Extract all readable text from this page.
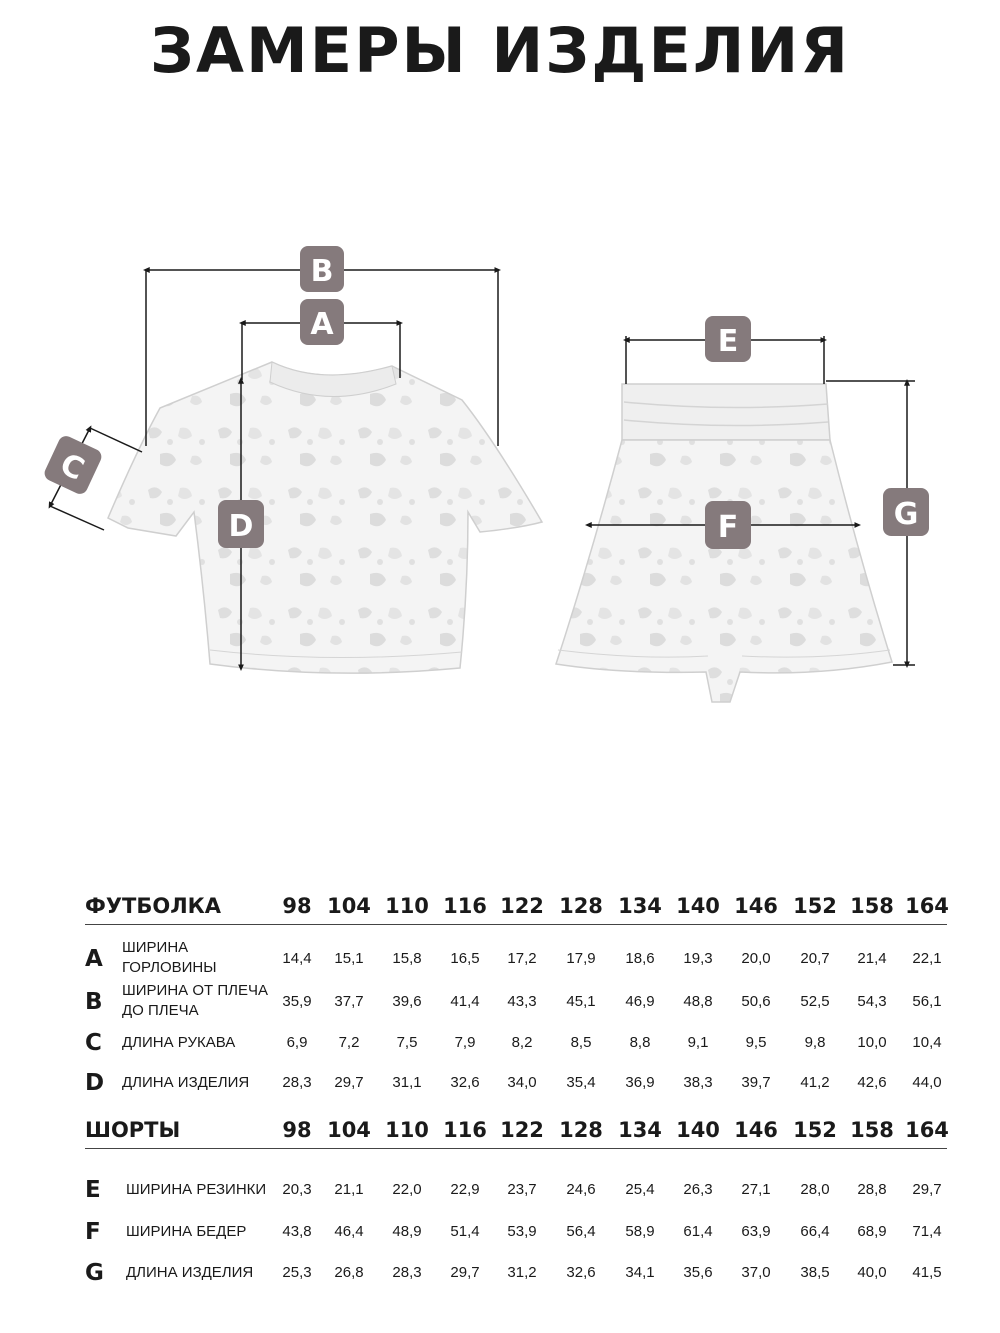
ЗАМЕРЫ ИЗДЕЛИЯ
B
A
D
C
E
F	G
ФУТБОЛКА	98 104 110 116 122 128 134 140 146 152 158 164
A ШИРИНА
ГОРЛОВИНЫ
14,4	15,1	15,8	16,5	17,2	17,9	18,6	19,3	20,0	20,7	21,4	22,1
B ШИРИНА ОТ ПЛЕЧА
ДО ПЛЕЧА
35,9	37,7	39,6	41,4	43,3	45,1	46,9	48,8	50,6	52,5	54,3	56,1
C ДЛИНА РУКАВА	6,9	7,2	7,5	7,9	8,2	8,5	8,8	9,1	9,5	9,8	10,0	10,4
D ДЛИНА ИЗДЕЛИЯ	28,3	29,7	31,1	32,6	34,0	35,4	36,9	38,3	39,7	41,2	42,6	44,0
ШОРТЫ	98 104 110 116 122 128 134 140 146 152 158 164
E ШИРИНА РЕЗИНКИ	20,3	21,1	22,0	22,9	23,7	24,6	25,4	26,3	27,1	28,0	28,8	29,7
F ШИРИНА БЕДЕР	43,8	46,4	48,9	51,4	53,9	56,4	58,9	61,4	63,9	66,4	68,9	71,4
G ДЛИНА ИЗДЕЛИЯ	25,3	26,8	28,3	29,7	31,2	32,6	34,1	35,6	37,0	38,5	40,0	41,5
